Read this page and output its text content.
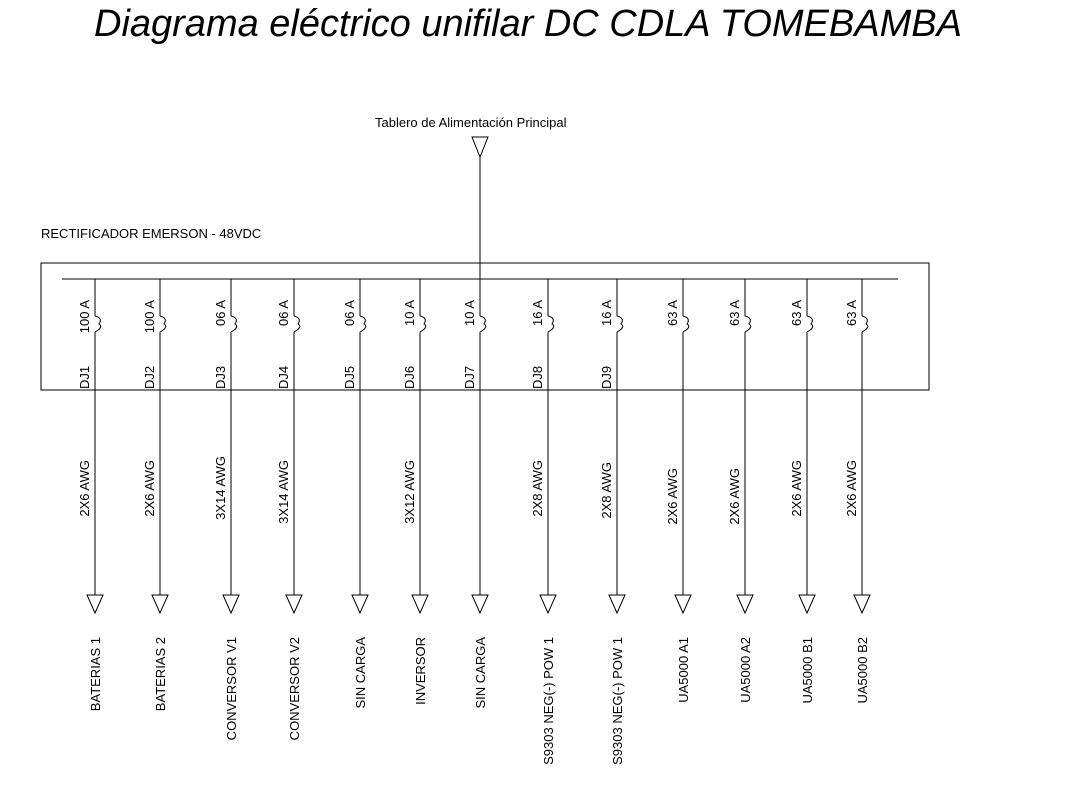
Diagrama eléctrico unifilar DC CDLA TOMEBAMBA
Tablero de Alimentación Principal
RECTIFICADOR EMERSON - 48VDC
100 A
DJ1
2X6 AWG
BATERIAS 1
100 A
DJ2
2X6 AWG
BATERIAS 2
06 A
DJ3
3X14 AWG
CONVERSOR V1
06 A
DJ4
3X14 AWG
CONVERSOR V2
06 A
DJ5
SIN CARGA
10 A
DJ6
3X12 AWG
INVERSOR
10 A
DJ7
SIN CARGA
16 A
DJ8
2X8 AWG
S9303 NEG(-) POW 1
16 A
DJ9
2X8 AWG
S9303 NEG(-) POW 1
63 A
2X6 AWG
UA5000 A1
63 A
2X6 AWG
UA5000 A2
63 A
2X6 AWG
UA5000 B1
63 A
2X6 AWG
UA5000 B2
